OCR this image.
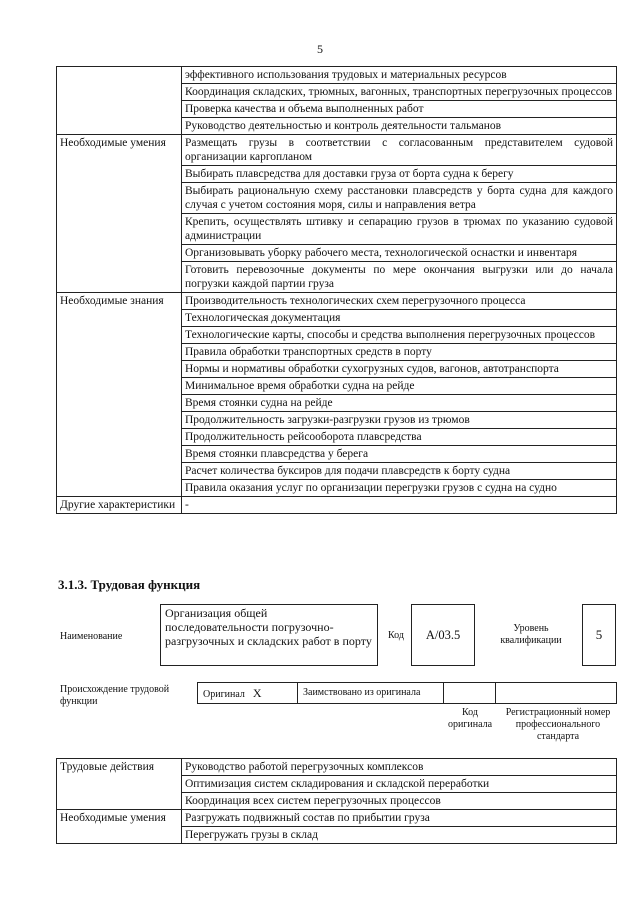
5
	эффективного использования трудовых и материальных ресурсов
	Координация складских, трюмных, вагонных, транспортных перегрузочных процессов
	Проверка качества и объема выполненных работ
	Руководство деятельностью и контроль деятельности тальманов
Необходимые умения	Размещать грузы в соответствии с согласованным представителем судовой организации каргопланом
	Выбирать плавсредства для доставки груза от борта судна к берегу
	Выбирать рациональную схему расстановки плавсредств у борта судна для каждого случая с учетом состояния моря, силы и направления ветра
	Крепить, осуществлять штивку и сепарацию грузов в трюмах по указанию судовой администрации
	Организовывать уборку рабочего места, технологической оснастки и инвентаря
	Готовить перевозочные документы по мере окончания выгрузки или до начала погрузки каждой партии груза
Необходимые знания	Производительность технологических схем перегрузочного процесса
	Технологическая документация
	Технологические карты, способы и средства выполнения перегрузочных процессов
	Правила обработки транспортных средств в порту
	Нормы и нормативы обработки сухогрузных судов, вагонов, автотранспорта
	Минимальное время обработки судна на рейде
	Время стоянки судна на рейде
	Продолжительность загрузки-разгрузки грузов из трюмов
	Продолжительность рейсооборота плавсредства
	Время стоянки плавсредства у берега
	Расчет количества буксиров для подачи плавсредств к борту судна
	Правила оказания услуг по организации перегрузки грузов с судна на судно
Другие характеристики	-
3.1.3. Трудовая функция
Наименование
Организация общей последовательности погрузочно-разгрузочных и складских работ в порту	Код	А/03.5	Уровень квалификации	5
Происхождение трудовой функции
Оригинал X	Заимствовано из оригинала
Код оригинала
Регистрационный номер профессионального стандарта
Трудовые действия	Руководство работой перегрузочных комплексов
	Оптимизация систем складирования и складской переработки
	Координация всех систем перегрузочных процессов
Необходимые умения	Разгружать подвижный состав по прибытии груза
	Перегружать грузы в склад
